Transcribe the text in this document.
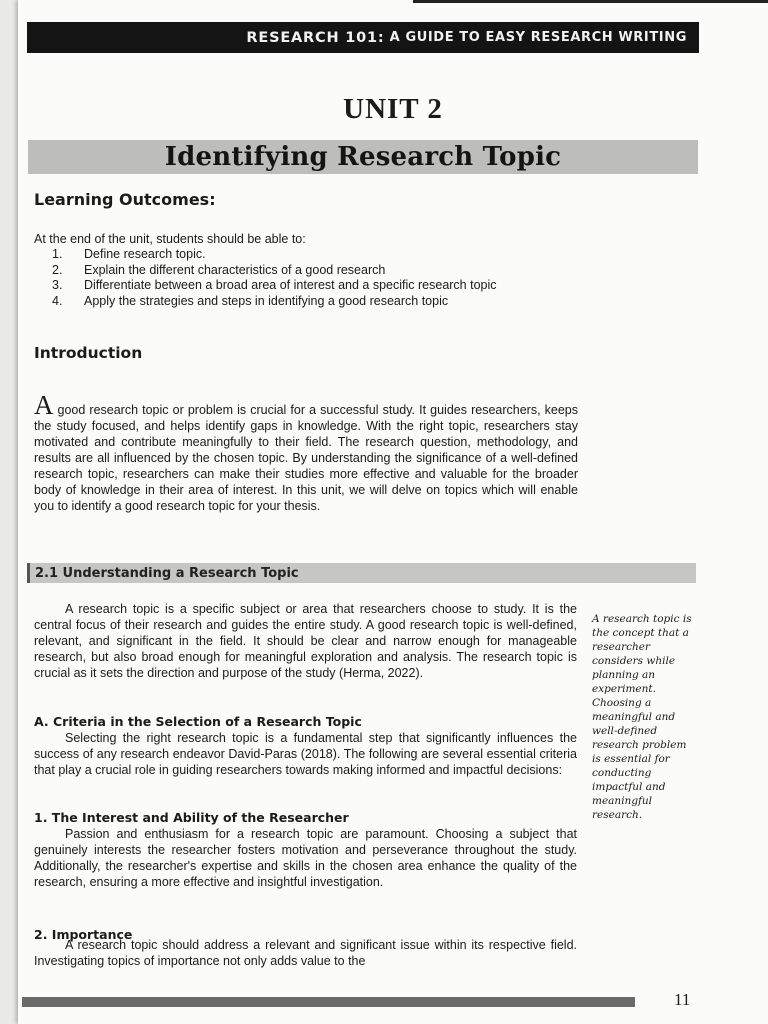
RESEARCH 101:
A GUIDE TO EASY RESEARCH WRITING
UNIT 2
Identifying Research Topic
Learning Outcomes:
At the end of the unit, students should be able to:
1.	Define research topic.
2.	Explain the different characteristics of a good research
3.	Differentiate between a broad area of interest and a specific research topic
4.	Apply the strategies and steps in identifying a good research topic
Introduction

Agood research topic or problem is crucial for a successful study. It guides researchers, keeps the study focused, and helps identify gaps in knowledge. With the right topic, researchers stay motivated and contribute meaningfully to their field. The research question, methodology, and results are all influenced by the chosen topic. By understanding the significance of a well-defined research topic, researchers can make their studies more effective and valuable for the broader body of knowledge in their area of interest. In this unit, we will delve on topics which will enable you to identify a good research topic for your thesis.

2.1 Understanding a Research Topic

A research topic is a specific subject or area that researchers choose to study. It is the central focus of their research and guides the entire study. A good research topic is well-defined, relevant, and significant in the field. It should be clear and narrow enough for manageable research, but also broad enough for meaningful exploration and analysis. The research topic is crucial as it sets the direction and purpose of the study (Herma, 2022).

A. Criteria in the Selection of a Research Topic

Selecting the right research topic is a fundamental step that significantly influences the success of any research endeavor David-Paras (2018). The following are several essential criteria that play a crucial role in guiding researchers towards making informed and impactful decisions:

1. The Interest and Ability of the Researcher

Passion and enthusiasm for a research topic are paramount. Choosing a subject that genuinely interests the researcher fosters motivation and perseverance throughout the study. Additionally, the researcher's expertise and skills in the chosen area enhance the quality of the research, ensuring a more effective and insightful investigation.

2. Importance

A research topic should address a relevant and significant issue within its respective field. Investigating topics of importance not only adds value to the

A research topic is the concept that a researcher considers while planning an experiment. Choosing a meaningful and well-defined research problem is essential for conducting impactful and meaningful research.
11
